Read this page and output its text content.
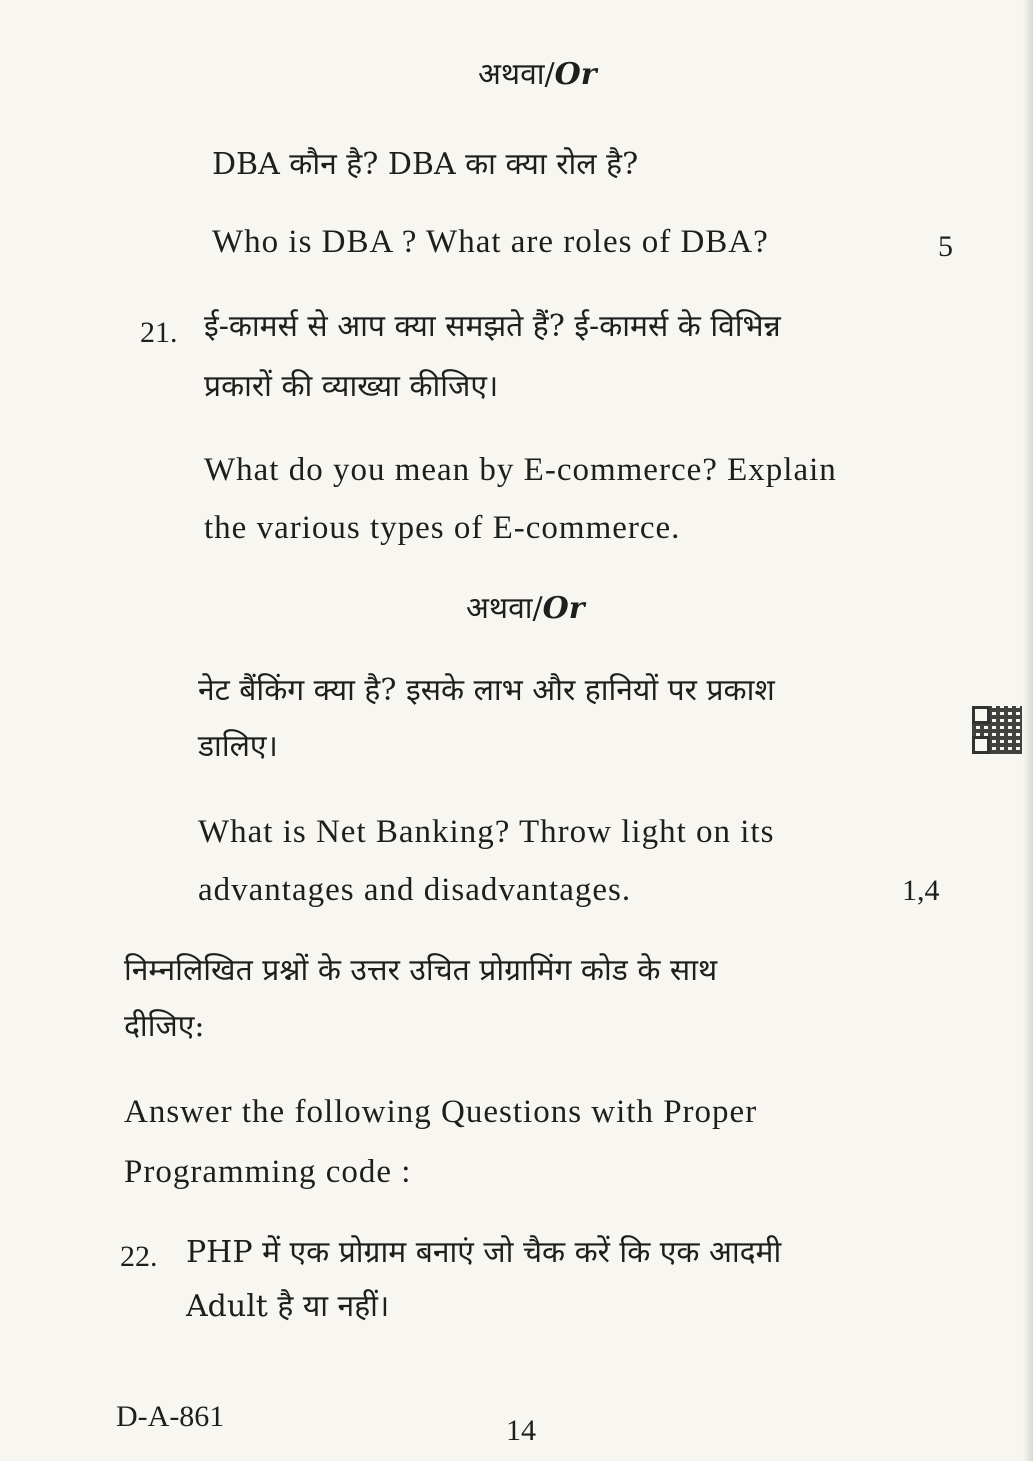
अथवा/Or
DBA कौन है? DBA का क्या रोल है?
Who is DBA ? What are roles of DBA?	5
21. ई-कामर्स से आप क्या समझते हैं? ई-कामर्स के विभिन्न
प्रकारों की व्याख्या कीजिए।
What do you mean by E-commerce? Explain
the various types of E-commerce.
अथवा/Or
नेट बैंकिंग क्या है? इसके लाभ और हानियों पर प्रकाश
डालिए।
What is Net Banking? Throw light on its
advantages and disadvantages.	1,4
निम्नलिखित प्रश्नों के उत्तर उचित प्रोग्रामिंग कोड के साथ
दीजिए:
Answer the following Questions with Proper
Programming code :
22. PHP में एक प्रोग्राम बनाएं जो चैक करें कि एक आदमी
Adult है या नहीं।
D-A-861	14
